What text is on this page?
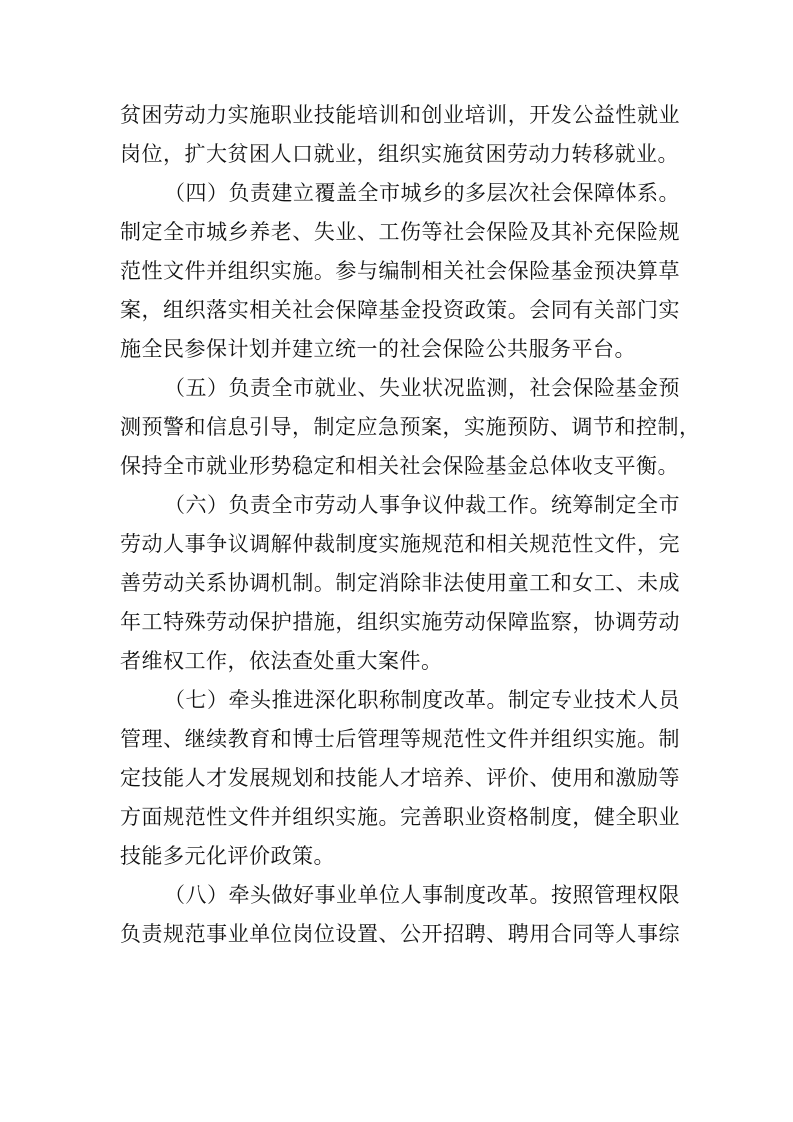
贫困劳动力实施职业技能培训和创业培训，开发公益性就业
岗位，扩大贫困人口就业，组织实施贫困劳动力转移就业。
（四）负责建立覆盖全市城乡的多层次社会保障体系。
制定全市城乡养老、失业、工伤等社会保险及其补充保险规
范性文件并组织实施。参与编制相关社会保险基金预决算草
案，组织落实相关社会保障基金投资政策。会同有关部门实
施全民参保计划并建立统一的社会保险公共服务平台。
（五）负责全市就业、失业状况监测，社会保险基金预
测预警和信息引导，制定应急预案，实施预防、调节和控制，
保持全市就业形势稳定和相关社会保险基金总体收支平衡。
（六）负责全市劳动人事争议仲裁工作。统筹制定全市
劳动人事争议调解仲裁制度实施规范和相关规范性文件，完
善劳动关系协调机制。制定消除非法使用童工和女工、未成
年工特殊劳动保护措施，组织实施劳动保障监察，协调劳动
者维权工作，依法查处重大案件。
（七）牵头推进深化职称制度改革。制定专业技术人员
管理、继续教育和博士后管理等规范性文件并组织实施。制
定技能人才发展规划和技能人才培养、评价、使用和激励等
方面规范性文件并组织实施。完善职业资格制度，健全职业
技能多元化评价政策。
（八）牵头做好事业单位人事制度改革。按照管理权限
负责规范事业单位岗位设置、公开招聘、聘用合同等人事综
